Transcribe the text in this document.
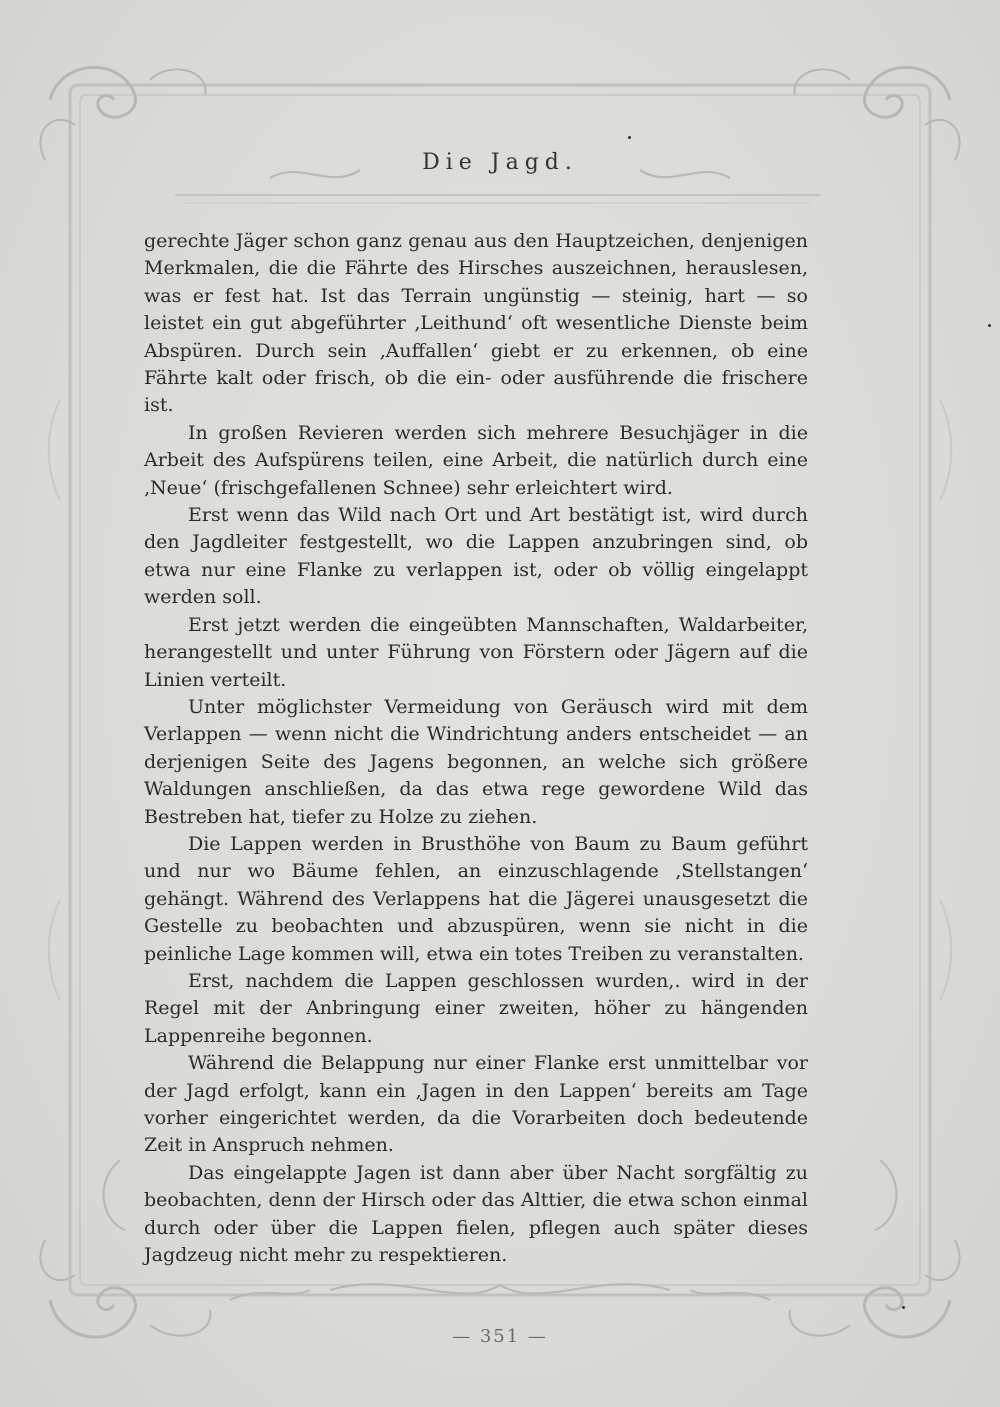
Die Jagd.

gerechte Jäger schon ganz genau aus den Hauptzeichen, denjenigen Merkmalen, die die Fährte des Hirsches auszeichnen, herauslesen, was er fest hat. Ist das Terrain ungünstig — steinig, hart — so leistet ein gut abgeführter ‚Leithund‘ oft wesentliche Dienste beim Abspüren. Durch sein ‚Auffallen‘ giebt er zu erkennen, ob eine Fährte kalt oder frisch, ob die ein- oder ausführende die frischere ist.

In großen Revieren werden sich mehrere Besuchjäger in die Arbeit des Aufspürens teilen, eine Arbeit, die natürlich durch eine ‚Neue‘ (frischgefallenen Schnee) sehr erleichtert wird.

Erst wenn das Wild nach Ort und Art bestätigt ist, wird durch den Jagdleiter festgestellt, wo die Lappen anzubringen sind, ob etwa nur eine Flanke zu verlappen ist, oder ob völlig eingelappt werden soll.

Erst jetzt werden die eingeübten Mannschaften, Waldarbeiter, herangestellt und unter Führung von Förstern oder Jägern auf die Linien verteilt.

Unter möglichster Vermeidung von Geräusch wird mit dem Verlappen — wenn nicht die Windrichtung anders entscheidet — an derjenigen Seite des Jagens begonnen, an welche sich größere Waldungen anschließen, da das etwa rege gewordene Wild das Bestreben hat, tiefer zu Holze zu ziehen.

Die Lappen werden in Brusthöhe von Baum zu Baum geführt und nur wo Bäume fehlen, an einzuschlagende ‚Stellstangen‘ gehängt. Während des Verlappens hat die Jägerei unausgesetzt die Gestelle zu beobachten und abzuspüren, wenn sie nicht in die peinliche Lage kommen will, etwa ein totes Treiben zu veranstalten.

Erst, nachdem die Lappen geschlossen wurden,. wird in der Regel mit der Anbringung einer zweiten, höher zu hängenden Lappenreihe begonnen.

Während die Belappung nur einer Flanke erst unmittelbar vor der Jagd erfolgt, kann ein ‚Jagen in den Lappen‘ bereits am Tage vorher eingerichtet werden, da die Vorarbeiten doch bedeutende Zeit in Anspruch nehmen.

Das eingelappte Jagen ist dann aber über Nacht sorgfältig zu beobachten, denn der Hirsch oder das Alttier, die etwa schon einmal durch oder über die Lappen fielen, pflegen auch später dieses Jagdzeug nicht mehr zu respektieren.

— 351 —
